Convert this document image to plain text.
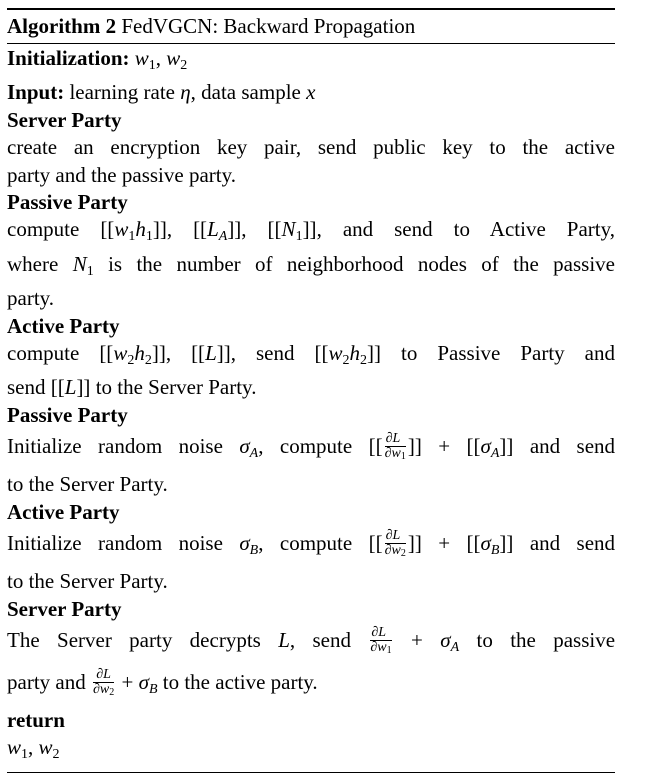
Algorithm 2 FedVGCN: Backward Propagation
Initialization: $w_1$, $w_2$
Input: learning rate η, data sample x
Server Party
create an encryption key pair, send public key to the active
party and the passive party.
Passive Party
compute $[[w_1h_1]]$, [[LA]], $[[N_1]]$, and send to Active Party,
where $N_1$ is the number of neighborhood nodes of the passive
party.
Active Party
compute $[[w_2h_2]]$, [[L]], send $[[w_2h_2]]$ to Passive Party and
send [[L]] to the Server Party.
Passive Party
Initialize random noise σA, compute [[ $\frac{\partial L}{\partial w1}$ ]] + [[σA]] and send
to the Server Party.
Active Party
Initialize random noise σB, compute [[ $\frac{\partial L}{\partial w2}$ ]] + [[σB]] and send
to the Server Party.
Server Party
The Server party decrypts L, send $\frac{\partial L}{\partial w1} + \sigma A$ to the passive
party and $\frac{\partial L}{\partial w2} + \sigma B$ to the active party.
return
$w_1$, $w_2$
